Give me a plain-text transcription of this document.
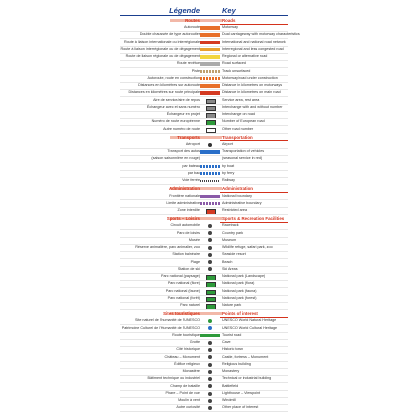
Légende	Key
Routes	Roads
Autoroute	Motorway
Double chaussée de type autoroutier	Dual carriageway with motorway characteristics
Route à liaison internationale ou interrégionale	International and national road network
Route à liaison interrégionale ou de dégagement	Interregional and less congested road
Route de liaison régionale ou de dégagement	Regional or alternative road
Route revêtue	Road surfaced
Piste	Track unsurfaced
Autoroute, route en construction	Motorway/road under construction
Distances en kilomètres sur autoroute	Distance in kilometres on motorways
Distances en kilomètres sur route principale	Distance in kilometres on main road
Aire de service/aire de repos	Service area, rest area
Échangeur avec et sans numéro	Interchange with and without number
Échangeur en projet	Interchange on road
Numéro de route européenne	Number of European road
Autre numéro de route	Other road number
Transports	Transportation
Aéroport	Airport
Transport des autos	Transportation of vehicles
(saison saisonnière en rouge)	(seasonal service in red)
par bateau	by boat
par bac	by ferry
Voie ferrée	Railway
Administration	Administration
Frontière nationale	National boundary
Limite administrative	Administrative boundary
Zone interdite	Restricted area
Sports – Loisirs	Sports & Recreation Facilities
Circuit automobile	Racetrack
Parc de loisirs	Country park
Musée	Museum
Réserve animalière, parc animalier, zoo	Wildlife refuge, safari park, zoo
Station balnéaire	Seaside resort
Plage	Beach
Station de ski	Ski Areas
Parc national (paysage)	National park (Landscape)
Parc national (flore)	National park (flora)
Parc national (faune)	National park (fauna)
Parc national (forêt)	National park (forest)
Parc naturel	Nature park
Sites touristiques	Points of interest
Site naturel de l'humanité de l'UNESCO	UNESCO World Natural Heritage
Patrimoine Culturel de l'Humanité de l'UNESCO	UNESCO World Cultural Heritage
Route touristique	Tourist road
Grotte	Cave
Cité historique	Historic town
Château – Monument	Castle, fortress – Monument
Édifice religieux	Religious building
Monastère	Monastery
Bâtiment technique ou industriel	Technical or industrial building
Champ de bataille	Battlefield
Phare – Point de vue	Lighthouse – Viewpoint
Moulin à vent	Windmill
Autre curiosité	Other place of interest
